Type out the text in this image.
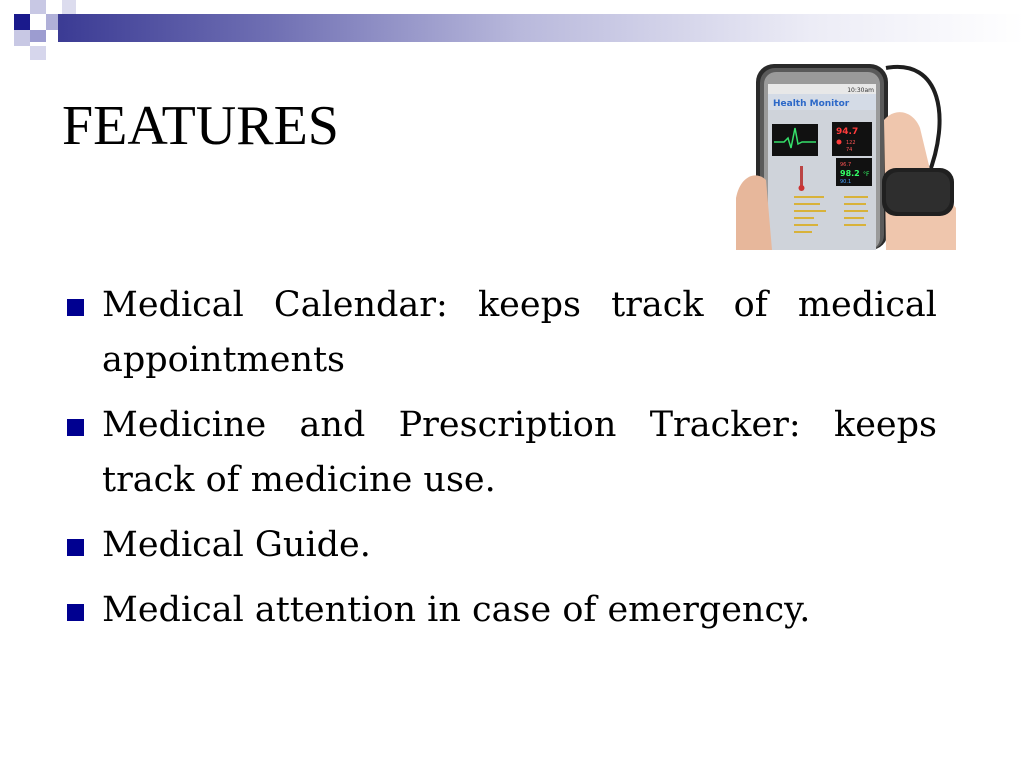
FEATURES
10:30am
Health Monitor
94.7
122
74
96.7
98.2 °F
90.1
Medical Calendar: keeps track of medical appointments
Medicine and Prescription Tracker: keeps track of medicine use.
Medical Guide.
Medical attention in case of emergency.
